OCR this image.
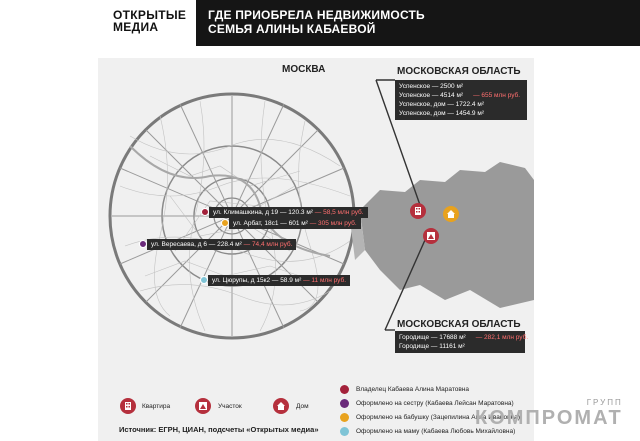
ОТКРЫТЫЕ
МЕДИА
ГДЕ ПРИОБРЕЛА НЕДВИЖИМОСТЬ
СЕМЬЯ АЛИНЫ КАБАЕВОЙ
МОСКВА	МОСКОВСКАЯ ОБЛАСТЬ
МОСКОВСКАЯ ОБЛАСТЬ
ул. Климашкина, д 19 — 120.3 м² — 58,5 млн руб.
ул. Арбат, 18с1 — 601 м² — 305 млн руб.
ул. Вересаева, д 6 — 228.4 м² — 74,4 млн руб.
ул. Цюрупы, д 15к2 — 58.9 м² — 11 млн руб.
Успенское — 2500 м²
Успенское — 4514 м² — 655 млн руб.
Успенское, дом — 1722.4 м²
Успенское, дом — 1454.9 м²
Городище — 17688 м² — 282,1 млн руб.
Городище — 11161 м²
Квартира	Участок	Дом
Владелец Кабаева Алина Маратовна
Оформлено на сестру (Кабаева Лейсан Маратовна)
Оформлено на бабушку (Зацепилина Анна Ивановна)
Оформлено на маму (Кабаева Любовь Михайловна)
Источник: ЕГРН, ЦИАН, подсчеты «Открытых медиа»
ГРУПП
КОМПРОМАТ
